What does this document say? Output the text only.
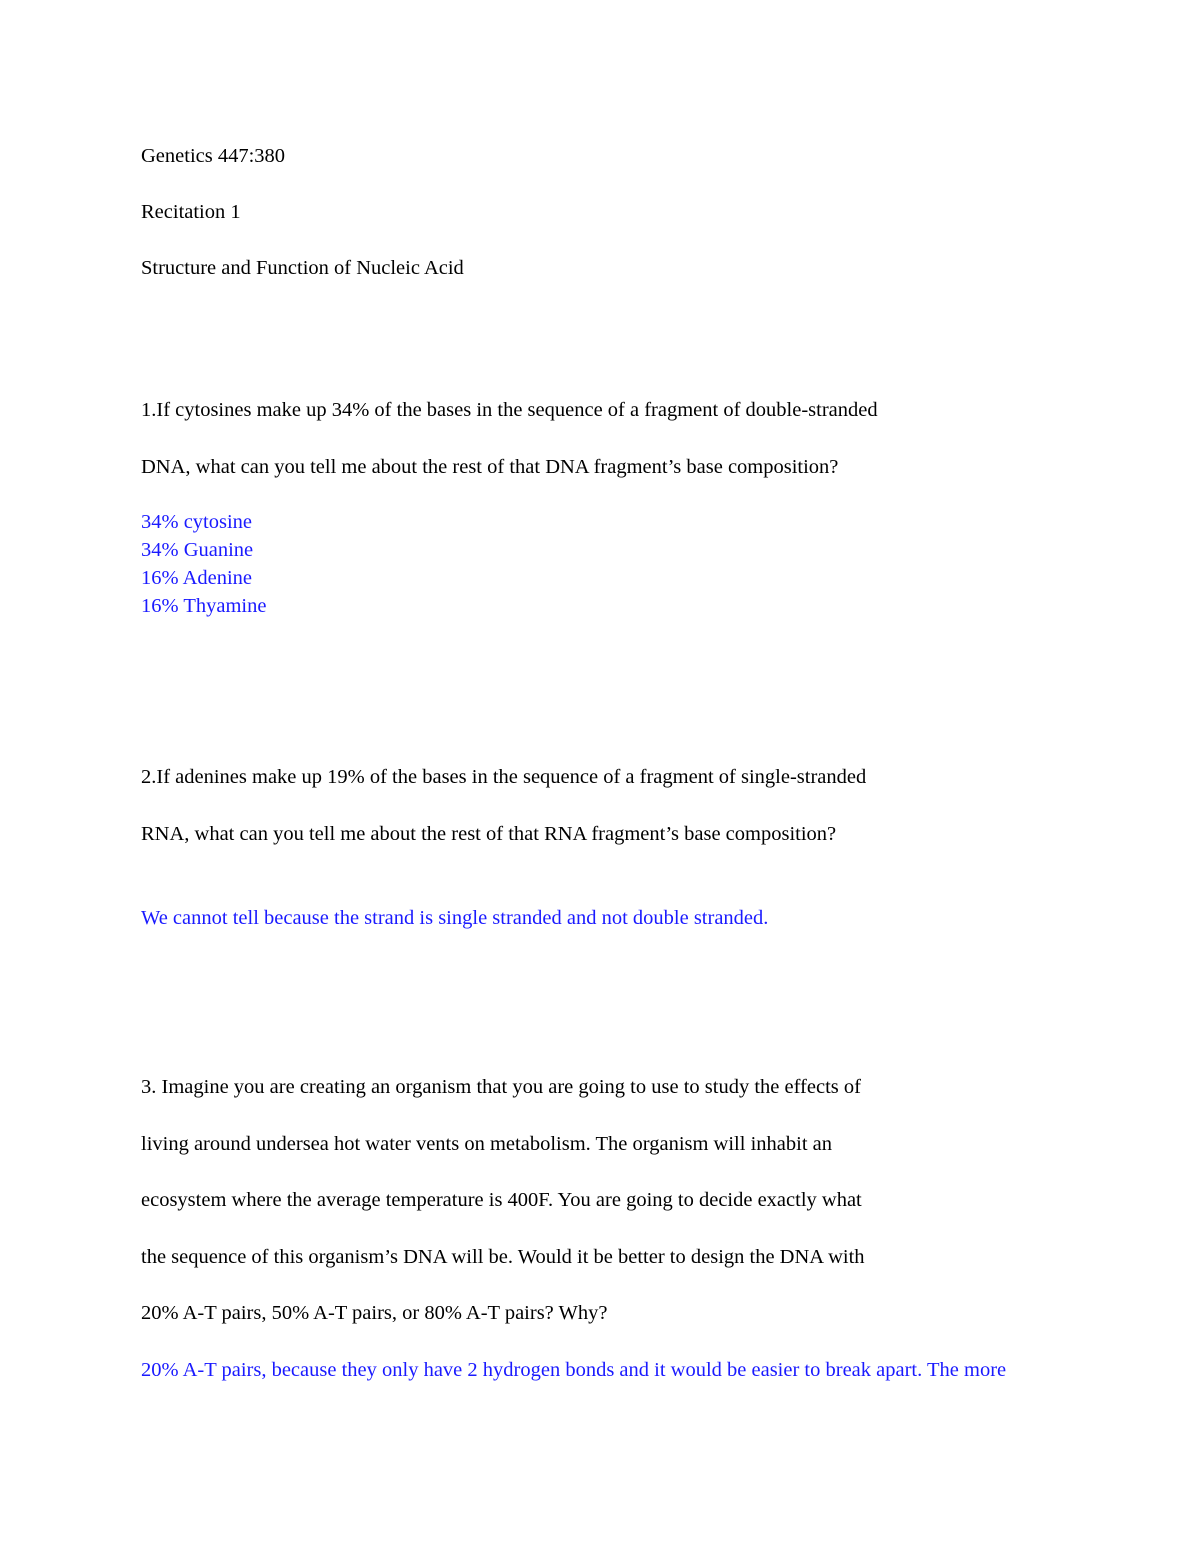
Genetics 447:380
Recitation 1
Structure and Function of Nucleic Acid
1.If cytosines make up 34% of the bases in the sequence of a fragment of double-stranded
DNA, what can you tell me about the rest of that DNA fragment’s base composition?
34% cytosine
34% Guanine
16% Adenine
16% Thyamine
2.If adenines make up 19% of the bases in the sequence of a fragment of single-stranded
RNA, what can you tell me about the rest of that RNA fragment’s base composition?
We cannot tell because the strand is single stranded and not double stranded.
3. Imagine you are creating an organism that you are going to use to study the effects of
living around undersea hot water vents on metabolism. The organism will inhabit an
ecosystem where the average temperature is 400F. You are going to decide exactly what
the sequence of this organism’s DNA will be. Would it be better to design the DNA with
20% A-T pairs, 50% A-T pairs, or 80% A-T pairs? Why?
20% A-T pairs, because they only have 2 hydrogen bonds and it would be easier to break apart. The more
